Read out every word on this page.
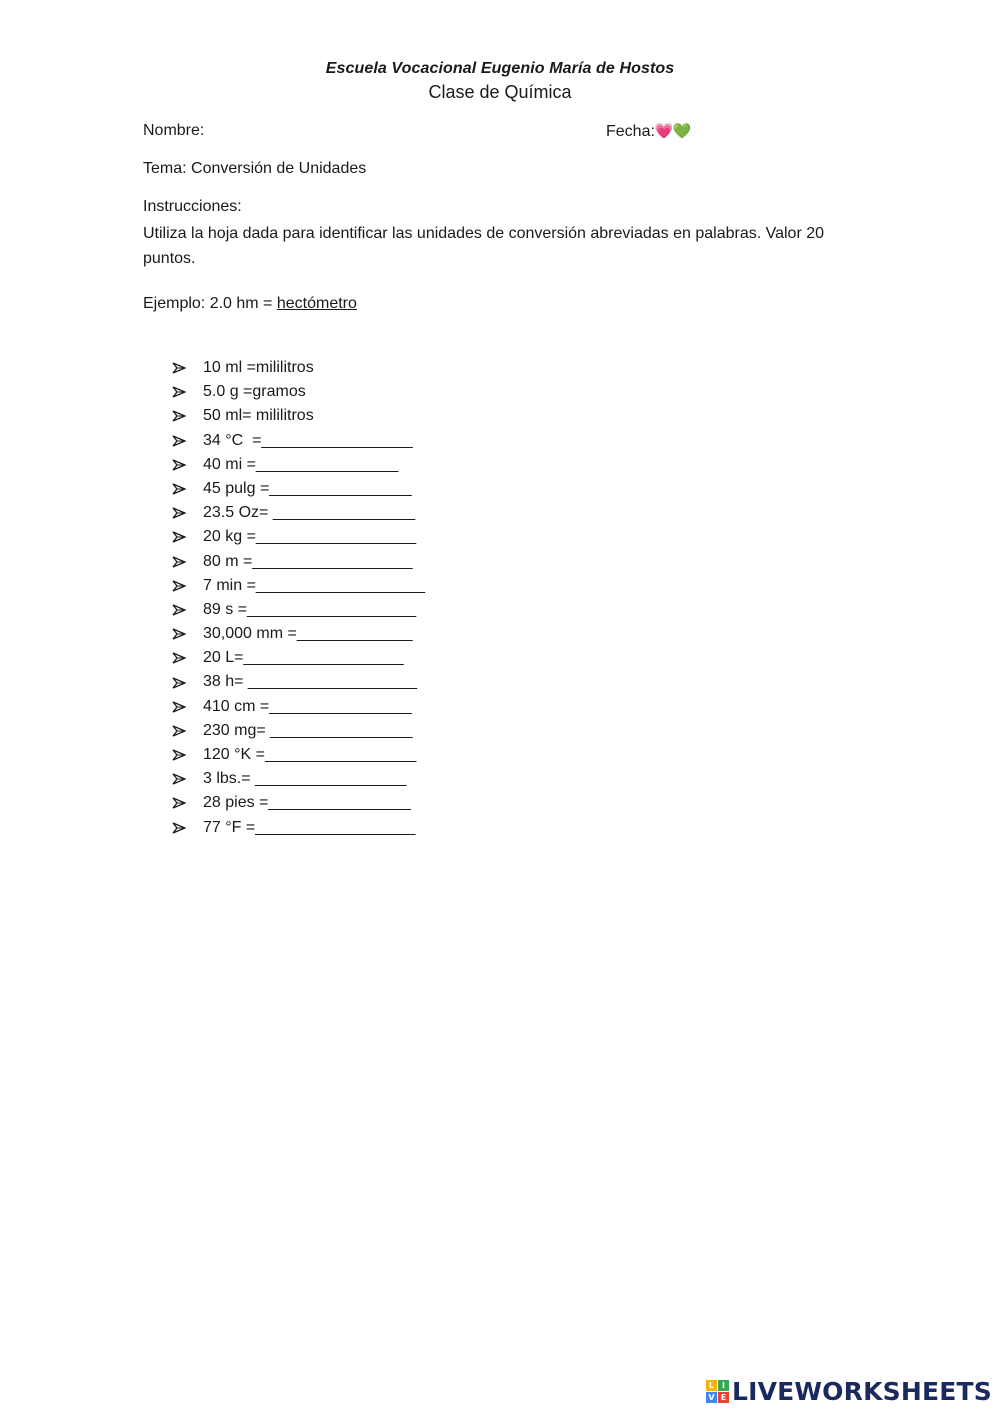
Escuela Vocacional Eugenio María de Hostos
Clase de Química
Nombre:	Fecha:💗💚
Tema: Conversión de Unidades
Instrucciones:
Utiliza la hoja dada para identificar las unidades de conversión abreviadas en palabras. Valor 20 puntos.
Ejemplo: 2.0 hm = hectómetro
10 ml =mililitros
5.0 g =gramos
50 ml= mililitros
34 °C  =_________________
40 mi =________________
45 pulg =________________
23.5 Oz= ________________
20 kg =__________________
80 m =__________________
7 min =___________________
89 s =___________________
30,000 mm =_____________
20 L=__________________
38 h= ___________________
410 cm =________________
230 mg= ________________
120 °K =_________________
3 lbs.= _________________
28 pies =________________
77 °F =__________________
L I
V E LIVEWORKSHEETS
